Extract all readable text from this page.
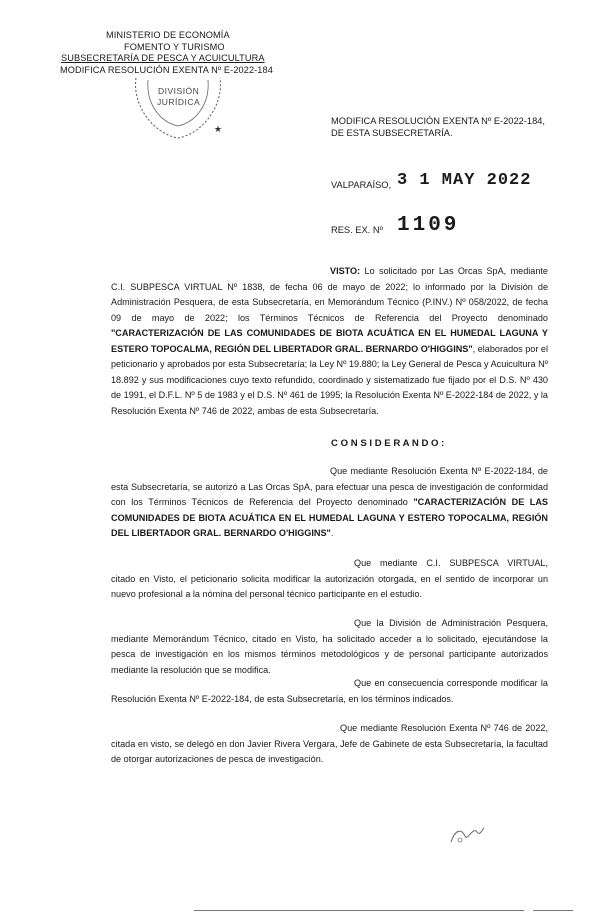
MINISTERIO DE ECONOMÍA
FOMENTO Y TURISMO
SUBSECRETARÍA DE PESCA Y ACUICULTURA
MODIFICA RESOLUCIÓN EXENTA Nº E-2022-184
★
DIVISIÓN
JURÍDICA
MODIFICA RESOLUCIÓN EXENTA Nº E-2022-184,
DE ESTA SUBSECRETARÍA.
VALPARAÍSO, 3 1 MAY 2022
RES. EX. Nº 1109
VISTO: Lo solicitado por Las Orcas SpA, mediante C.I. SUBPESCA VIRTUAL Nº 1838, de fecha 06 de mayo de 2022; lo informado por la División de Administración Pesquera, de esta Subsecretaría, en Memorándum Técnico (P.INV.) Nº 058/2022, de fecha 09 de mayo de 2022; los Términos Técnicos de Referencia del Proyecto denominado "CARACTERIZACIÓN DE LAS COMUNIDADES DE BIOTA ACUÁTICA EN EL HUMEDAL LAGUNA Y ESTERO TOPOCALMA, REGIÓN DEL LIBERTADOR GRAL. BERNARDO O'HIGGINS", elaborados por el peticionario y aprobados por esta Subsecretaría; la Ley Nº 19.880; la Ley General de Pesca y Acuicultura Nº 18.892 y sus modificaciones cuyo texto refundido, coordinado y sistematizado fue fijado por el D.S. Nº 430 de 1991, el D.F.L. Nº 5 de 1983 y el D.S. Nº 461 de 1995; la Resolución Exenta Nº E-2022-184 de 2022, y la Resolución Exenta Nº 746 de 2022, ambas de esta Subsecretaría.
C O N S I D E R A N D O :
Que mediante Resolución Exenta Nº E-2022-184, de esta Subsecretaría, se autorizó a Las Orcas SpA, para efectuar una pesca de investigación de conformidad con los Términos Técnicos de Referencia del Proyecto denominado "CARACTERIZACIÓN DE LAS COMUNIDADES DE BIOTA ACUÁTICA EN EL HUMEDAL LAGUNA Y ESTERO TOPOCALMA, REGIÓN DEL LIBERTADOR GRAL. BERNARDO O'HIGGINS".
Que mediante C.I. SUBPESCA VIRTUAL, citado en Visto, el peticionario solicita modificar la autorización otorgada, en el sentido de incorporar un nuevo profesional a la nómina del personal técnico participante en el estudio.
Que la División de Administración Pesquera, mediante Memorándum Técnico, citado en Visto, ha solicitado acceder a lo solicitado, ejecutándose la pesca de investigación en los mismos términos metodológicos y de personal participante autorizados mediante la resolución que se modifica.
Que en consecuencia corresponde modificar la Resolución Exenta Nº E-2022-184, de esta Subsecretaría, en los términos indicados.
Que mediante Resolución Exenta Nº 746 de 2022, citada en visto, se delegó en don Javier Rivera Vergara, Jefe de Gabinete de esta Subsecretaría, la facultad de otorgar autorizaciones de pesca de investigación.
